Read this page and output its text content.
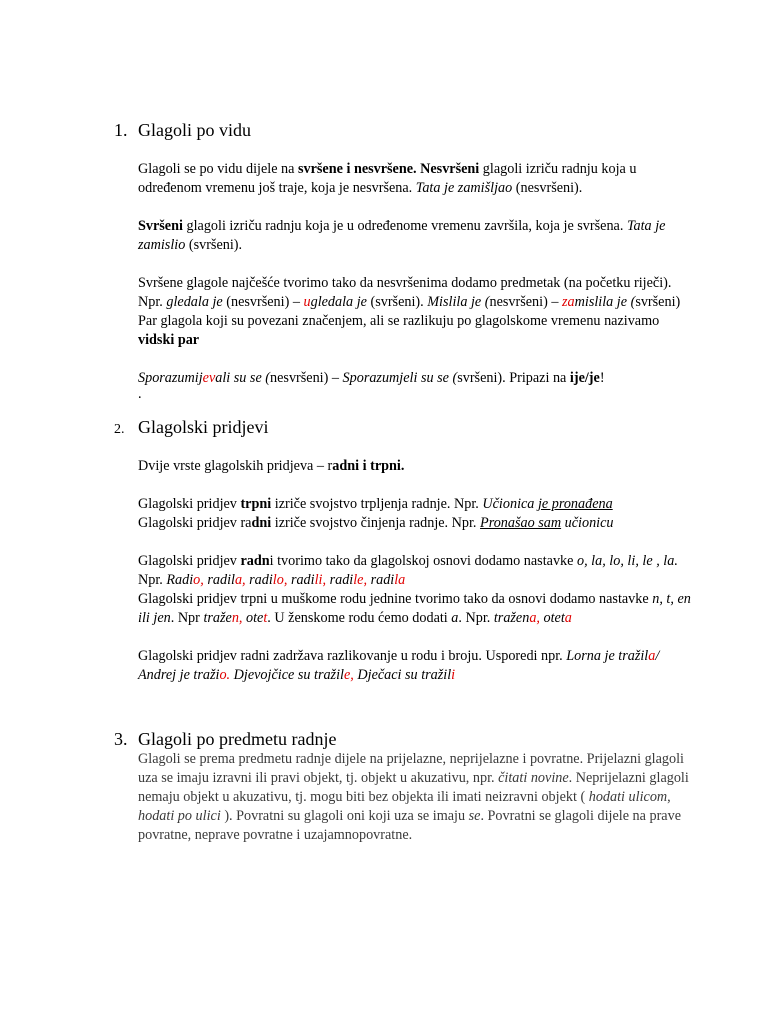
1. Glagoli po vidu

Glagoli se po vidu dijele na svršene i nesvršene. Nesvršeni glagoli izriču radnju koja u određenom vremenu još traje, koja je nesvršena. Tata je zamišljao (nesvršeni).

Svršeni glagoli izriču radnju koja je u određenome vremenu završila, koja je svršena. Tata je zamislio (svršeni).

Svršene glagole najčešće tvorimo tako da nesvršenima dodamo predmetak (na početku riječi). Npr. gledala je (nesvršeni) – ugledala je (svršeni). Mislila je (nesvršeni) – zamislila je (svršeni)

Par glagola koji su povezani značenjem, ali se razlikuju po glagolskome vremenu nazivamo vidski par

Sporazumijevali su se (nesvršeni) – Sporazumjeli su se (svršeni). Pripazi na ije/je!

.

2. Glagolski pridjevi

Dvije vrste glagolskih pridjeva – radni i trpni.

Glagolski pridjev trpni izriče svojstvo trpljenja radnje. Npr. Učionica je pronađena

Glagolski pridjev radni izriče svojstvo činjenja radnje. Npr. Pronašao sam učionicu

Glagolski pridjev radni tvorimo tako da glagolskoj osnovi dodamo nastavke o, la, lo, li, le , la. Npr. Radio, radila, radilo, radili, radile, radila

Glagolski pridjev trpni u muškome rodu jednine tvorimo tako da osnovi dodamo nastavke n, t, en ili jen. Npr tražen, otet. U ženskome rodu ćemo dodati a. Npr. tražena, oteta

Glagolski pridjev radni zadržava razlikovanje u rodu i broju. Usporedi npr. Lorna je tražila/ Andrej je tražio. Djevojčice su tražile, Dječaci su tražili

3. Glagoli po predmetu radnje

Glagoli se prema predmetu radnje dijele na prijelazne, neprijelazne i povratne. Prijelazni glagoli uza se imaju izravni ili pravi objekt, tj. objekt u akuzativu, npr. čitati novine. Neprijelazni glagoli nemaju objekt u akuzativu, tj. mogu biti bez objekta ili imati neizravni objekt ( hodati ulicom, hodati po ulici ). Povratni su glagoli oni koji uza se imaju se. Povratni se glagoli dijele na prave povratne, neprave povratne i uzajamnopovratne.
